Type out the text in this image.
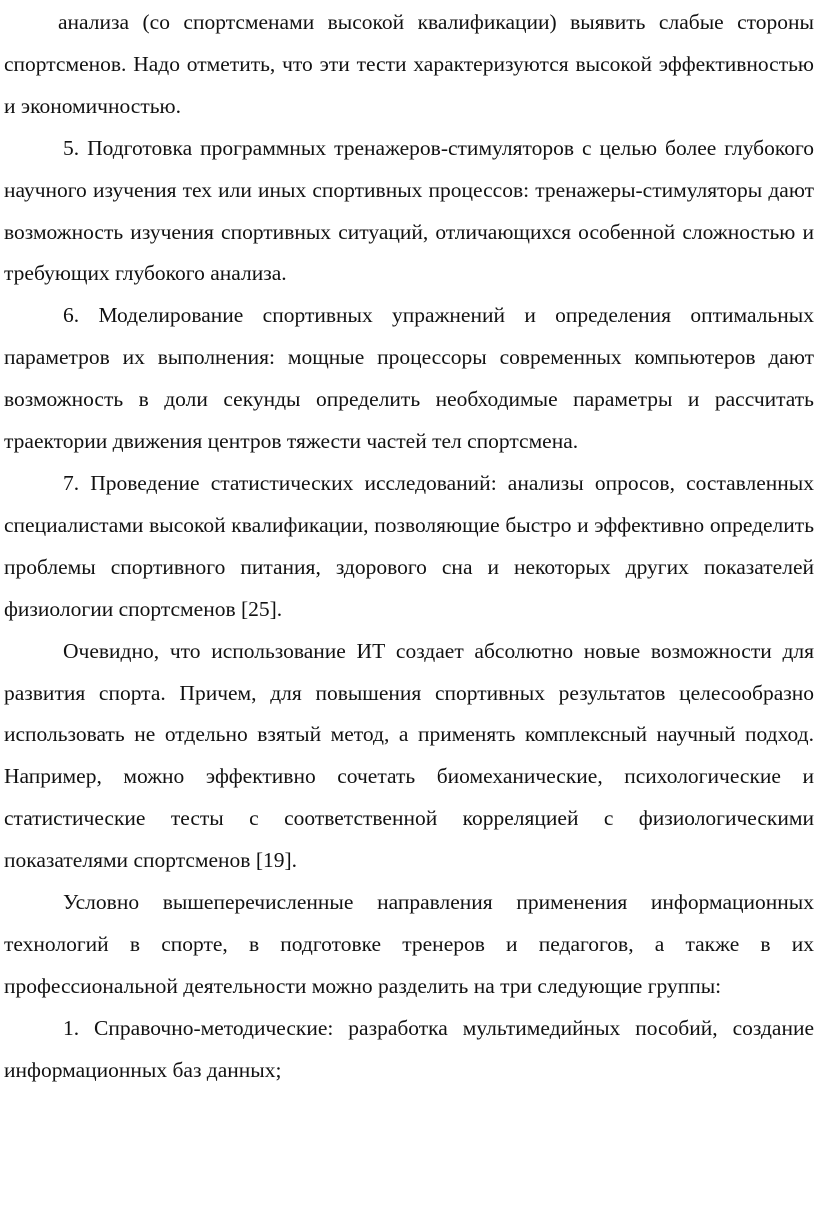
анализа (со спортсменами высокой квалификации) выявить слабые стороны спортсменов. Надо отметить, что эти тести характеризуются высокой эффективностью и экономичностью.

5. Подготовка программных тренажеров-стимуляторов с целью более глубокого научного изучения тех или иных спортивных процессов: тренажеры-стимуляторы дают возможность изучения спортивных ситуаций, отличающихся особенной сложностью и требующих глубокого анализа.

6. Моделирование спортивных упражнений и определения оптимальных параметров их выполнения: мощные процессоры современных компьютеров дают возможность в доли секунды определить необходимые параметры и рассчитать траектории движения центров тяжести частей тел спортсмена.

7. Проведение статистических исследований: анализы опросов, составленных специалистами высокой квалификации, позволяющие быстро и эффективно определить проблемы спортивного питания, здорового сна и некоторых других показателей физиологии спортсменов [25].

Очевидно, что использование ИТ создает абсолютно новые возможности для развития спорта. Причем, для повышения спортивных результатов целесообразно использовать не отдельно взятый метод, а применять комплексный научный подход. Например, можно эффективно сочетать биомеханические, психологические и статистические тесты с соответственной корреляцией с физиологическими показателями спортсменов [19].

Условно вышеперечисленные направления применения информационных технологий в спорте, в подготовке тренеров и педагогов, а также в их профессиональной деятельности можно разделить на три следующие группы:

1. Справочно-методические: разработка мультимедийных пособий, создание информационных баз данных;
